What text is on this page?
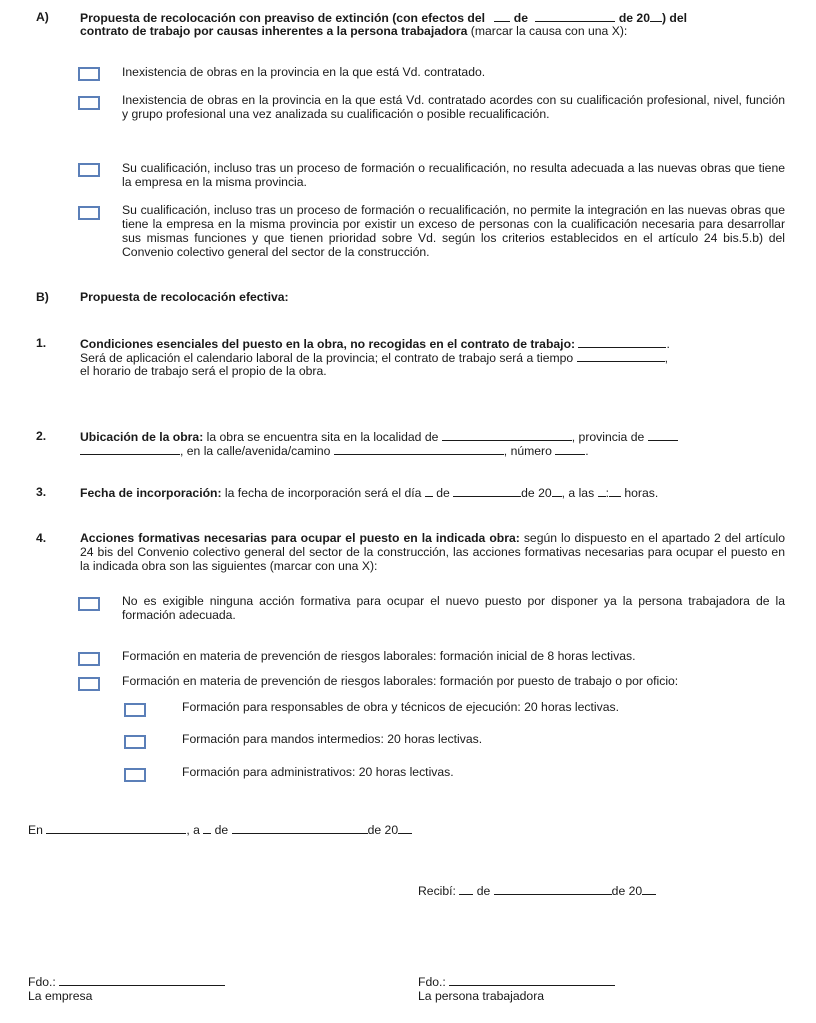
A)	Propuesta de recolocación con preaviso de extinción (con efectos del de	de 20 ) del
contrato de trabajo por causas inherentes a la persona trabajadora (marcar la causa con una X):
Inexistencia de obras en la provincia en la que está Vd. contratado.
Inexistencia de obras en la provincia en la que está Vd. contratado acordes con su cualificación profesional, nivel, función y grupo profesional una vez analizada su cualificación o posible recualificación.
Su cualificación, incluso tras un proceso de formación o recualificación, no resulta adecuada a las nuevas obras que tiene la empresa en la misma provincia.
Su cualificación, incluso tras un proceso de formación o recualificación, no permite la integración en las nuevas obras que tiene la empresa en la misma provincia por existir un exceso de personas con la cualificación necesaria para desarrollar sus mismas funciones y que tienen prioridad sobre Vd. según los criterios establecidos en el artículo 24 bis.5.b) del Convenio colectivo general del sector de la construcción.
B)	Propuesta de recolocación efectiva:
1.	Condiciones esenciales del puesto en la obra, no recogidas en el contrato de trabajo:	.
Será de aplicación el calendario laboral de la provincia; el contrato de trabajo será a tiempo	,
el horario de trabajo será el propio de la obra.
2.	Ubicación de la obra: la obra se encuentra sita en la localidad de	, provincia de
, en la calle/avenida/camino	, número	.
3.	Fecha de incorporación: la fecha de incorporación será el día de	de 20 , a las : horas.
4.	Acciones formativas necesarias para ocupar el puesto en la indicada obra: según lo dispuesto en el apartado 2 del artículo 24 bis del Convenio colectivo general del sector de la construcción, las acciones formativas necesarias para ocupar el puesto en la indicada obra son las siguientes (marcar con una X):
No es exigible ninguna acción formativa para ocupar el nuevo puesto por disponer ya la persona trabajadora de la formación adecuada.
Formación en materia de prevención de riesgos laborales: formación inicial de 8 horas lectivas.
Formación en materia de prevención de riesgos laborales: formación por puesto de trabajo o por oficio:
Formación para responsables de obra y técnicos de ejecución: 20 horas lectivas.
Formación para mandos intermedios: 20 horas lectivas.
Formación para administrativos: 20 horas lectivas.
En	, a de	de 20
Recibí: de	de 20
Fdo.:
La empresa
Fdo.:
La persona trabajadora
